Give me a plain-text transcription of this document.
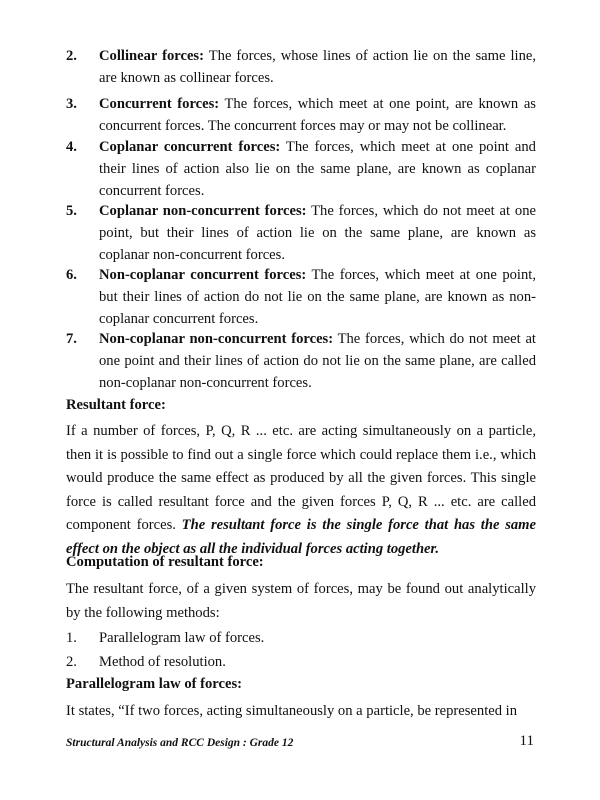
2. Collinear forces: The forces, whose lines of action lie on the same line, are known as collinear forces.
3. Concurrent forces: The forces, which meet at one point, are known as concurrent forces. The concurrent forces may or may not be collinear.
4. Coplanar concurrent forces: The forces, which meet at one point and their lines of action also lie on the same plane, are known as coplanar concurrent forces.
5. Coplanar non-concurrent forces: The forces, which do not meet at one point, but their lines of action lie on the same plane, are known as coplanar non-concurrent forces.
6. Non-coplanar concurrent forces: The forces, which meet at one point, but their lines of action do not lie on the same plane, are known as non-coplanar concurrent forces.
7. Non-coplanar non-concurrent forces: The forces, which do not meet at one point and their lines of action do not lie on the same plane, are called non-coplanar non-concurrent forces.
Resultant force:
If a number of forces, P, Q, R ... etc. are acting simultaneously on a particle, then it is possible to find out a single force which could replace them i.e., which would produce the same effect as produced by all the given forces. This single force is called resultant force and the given forces P, Q, R ... etc. are called component forces. The resultant force is the single force that has the same effect on the object as all the individual forces acting together.
Computation of resultant force:
The resultant force, of a given system of forces, may be found out analytically by the following methods:
1. Parallelogram law of forces.
2. Method of resolution.
Parallelogram law of forces:
It states, “If two forces, acting simultaneously on a particle, be represented in
Structural Analysis and RCC Design : Grade 12	11
